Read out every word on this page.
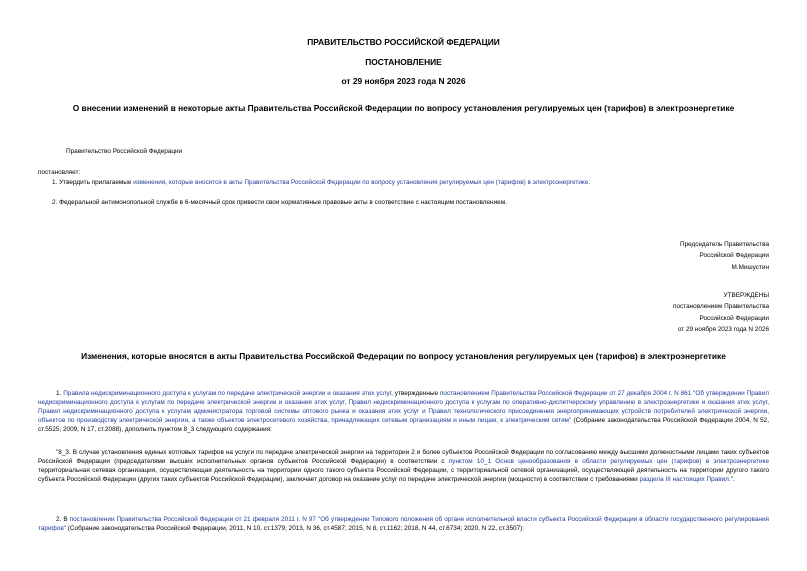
ПРАВИТЕЛЬСТВО РОССИЙСКОЙ ФЕДЕРАЦИИ
ПОСТАНОВЛЕНИЕ
от 29 ноября 2023 года N 2026
О внесении изменений в некоторые акты Правительства Российской Федерации по вопросу установления регулируемых цен (тарифов) в электроэнергетике
Правительство Российской Федерации
постановляет:
1. Утвердить прилагаемые изменения, которые вносятся в акты Правительства Российской Федерации по вопросу установления регулируемых цен (тарифов) в электроэнергетике.
2. Федеральной антимонопольной службе в 6-месячный срок привести свои нормативные правовые акты в соответствие с настоящим постановлением.
Председатель Правительства
Российской Федерации
М.Мишустин
УТВЕРЖДЕНЫ
постановлением Правительства
Российской Федерации
от 29 ноября 2023 года N 2026
Изменения, которые вносятся в акты Правительства Российской Федерации по вопросу установления регулируемых цен (тарифов) в электроэнергетике
1. Правила недискриминационного доступа к услугам по передаче электрической энергии и оказания этих услуг, утвержденные постановлением Правительства Российской Федерации от 27 декабря 2004 г. N 861 "Об утверждении Правил недискриминационного доступа к услугам по передаче электрической энергии и оказания этих услуг, Правил недискриминационного доступа к услугам по оперативно-диспетчерскому управлению в электроэнергетике и оказания этих услуг, Правил недискриминационного доступа к услугам администратора торговой системы оптового рынка и оказания этих услуг и Правил технологического присоединения энергопринимающих устройств потребителей электрической энергии, объектов по производству электрической энергии, а также объектов электросетевого хозяйства, принадлежащих сетевым организациям и иным лицам, к электрическим сетям" (Собрание законодательства Российской Федерации 2004, N 52, ст.5525; 2009, N 17, ст.2088), дополнить пунктом 8_3 следующего содержания:
"8_3. В случае установления единых котловых тарифов на услуги по передаче электрической энергии на территории 2 и более субъектов Российской Федерации по согласованию между высшими должностными лицами таких субъектов Российской Федерации (председателями высших исполнительных органов субъектов Российской Федерации) в соответствии с пунктом 10_1 Основ ценообразования в области регулируемых цен (тарифов) в электроэнергетике территориальная сетевая организация, осуществляющая деятельность на территории одного такого субъекта Российской Федерации, с территориальной сетевой организацией, осуществляющей деятельность на территории другого такого субъекта Российской Федерации (других таких субъектов Российской Федерации), заключает договор на оказание услуг по передаче электрической энергии (мощности) в соответствии с требованиями раздела III настоящих Правил.".
2. В постановлении Правительства Российской Федерации от 21 февраля 2011 г. N 97 "Об утверждении Типового положения об органе исполнительной власти субъекта Российской Федерации в области государственного регулирования тарифов" (Собрание законодательства Российской Федерации, 2011, N 10, ст.1379; 2013, N 36, ст.4587; 2015, N 8, ст.1162; 2018, N 44, ст.6734; 2020, N 22, ст.3507):
